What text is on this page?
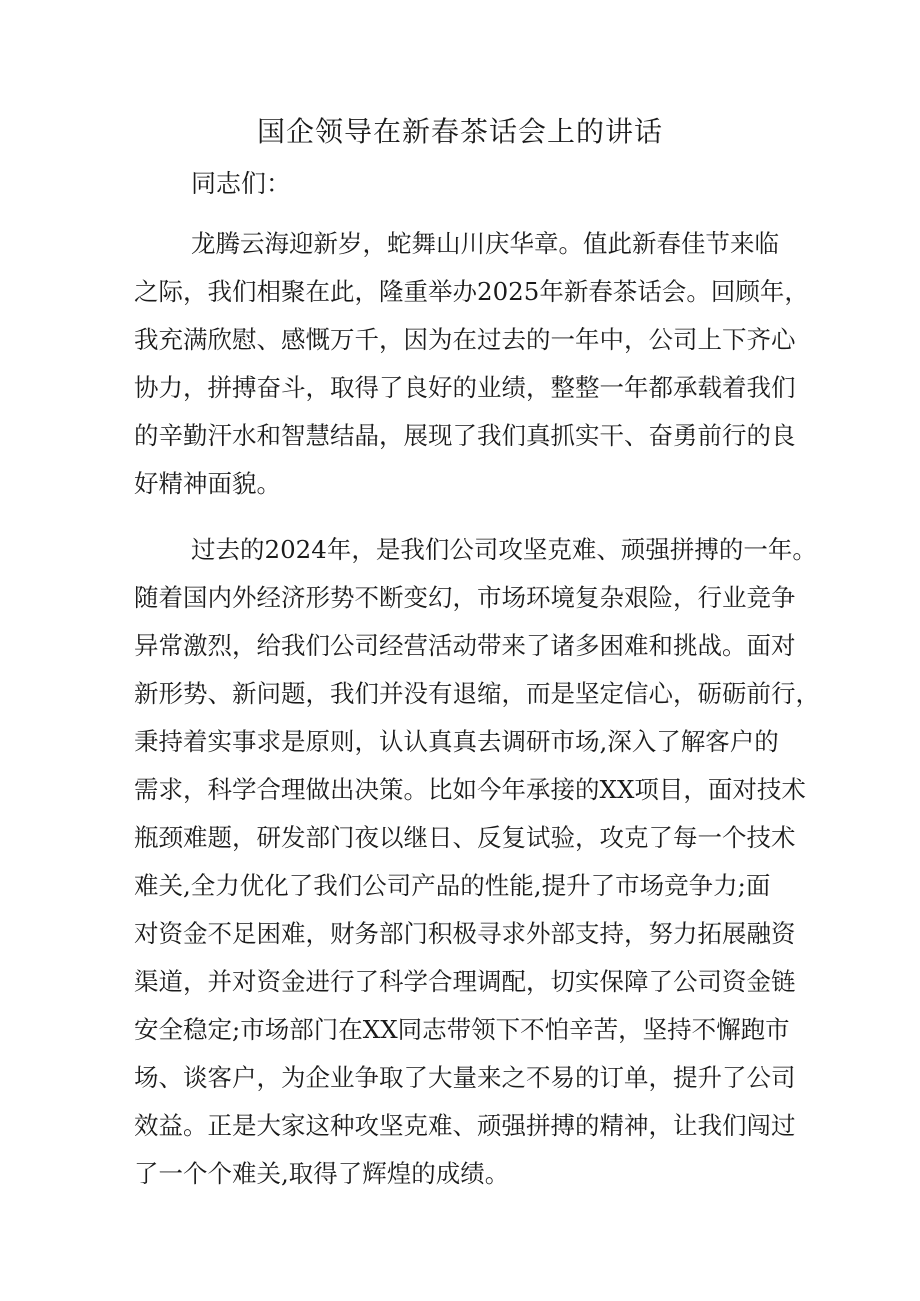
国企领导在新春茶话会上的讲话
同志们：
龙腾云海迎新岁，蛇舞山川庆华章。值此新春佳节来临
之际，我们相聚在此，隆重举办2025年新春茶话会。回顾年，
我充满欣慰、感慨万千，因为在过去的一年中，公司上下齐心
协力，拼搏奋斗，取得了良好的业绩，整整一年都承载着我们
的辛勤汗水和智慧结晶，展现了我们真抓实干、奋勇前行的良
好精神面貌。
过去的2024年，是我们公司攻坚克难、顽强拼搏的一年。
随着国内外经济形势不断变幻，市场环境复杂艰险，行业竞争
异常激烈，给我们公司经营活动带来了诸多困难和挑战。面对
新形势、新问题，我们并没有退缩，而是坚定信心，砺砺前行，
秉持着实事求是原则，认认真真去调研市场,深入了解客户的
需求，科学合理做出决策。比如今年承接的XX项目，面对技术
瓶颈难题，研发部门夜以继日、反复试验，攻克了每一个技术
难关,全力优化了我们公司产品的性能,提升了市场竞争力;面
对资金不足困难，财务部门积极寻求外部支持，努力拓展融资
渠道，并对资金进行了科学合理调配，切实保障了公司资金链
安全稳定;市场部门在XX同志带领下不怕辛苦，坚持不懈跑市
场、谈客户，为企业争取了大量来之不易的订单，提升了公司
效益。正是大家这种攻坚克难、顽强拼搏的精神，让我们闯过
了一个个难关,取得了辉煌的成绩。
